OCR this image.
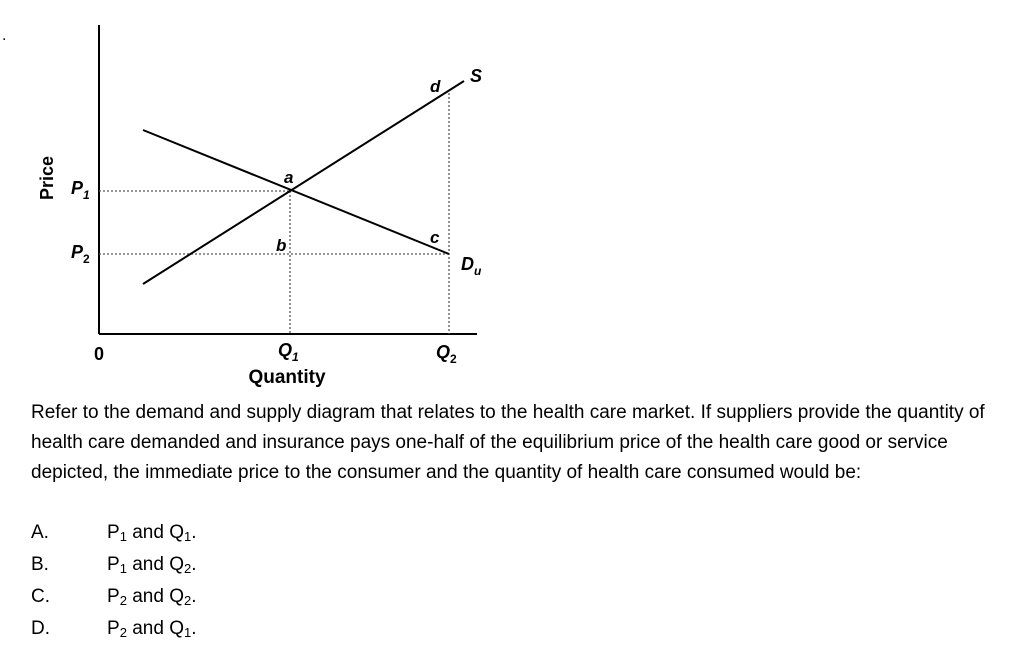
.
Price
Quantity
0
$P_1$
$P_2$
$Q_1$	$Q_2$
a
b	c
d
S
$D_u$
Refer to the demand and supply diagram that relates to the health care market. If suppliers provide the quantity of health care demanded and insurance pays one-half of the equilibrium price of the health care good or service depicted, the immediate price to the consumer and the quantity of health care consumed would be:
A.	$P_1$ and $Q_1$.
B.	$P_1$ and $Q_2$.
C.	$P_2$ and $Q_2$.
D.	$P_2$ and $Q_1$.
